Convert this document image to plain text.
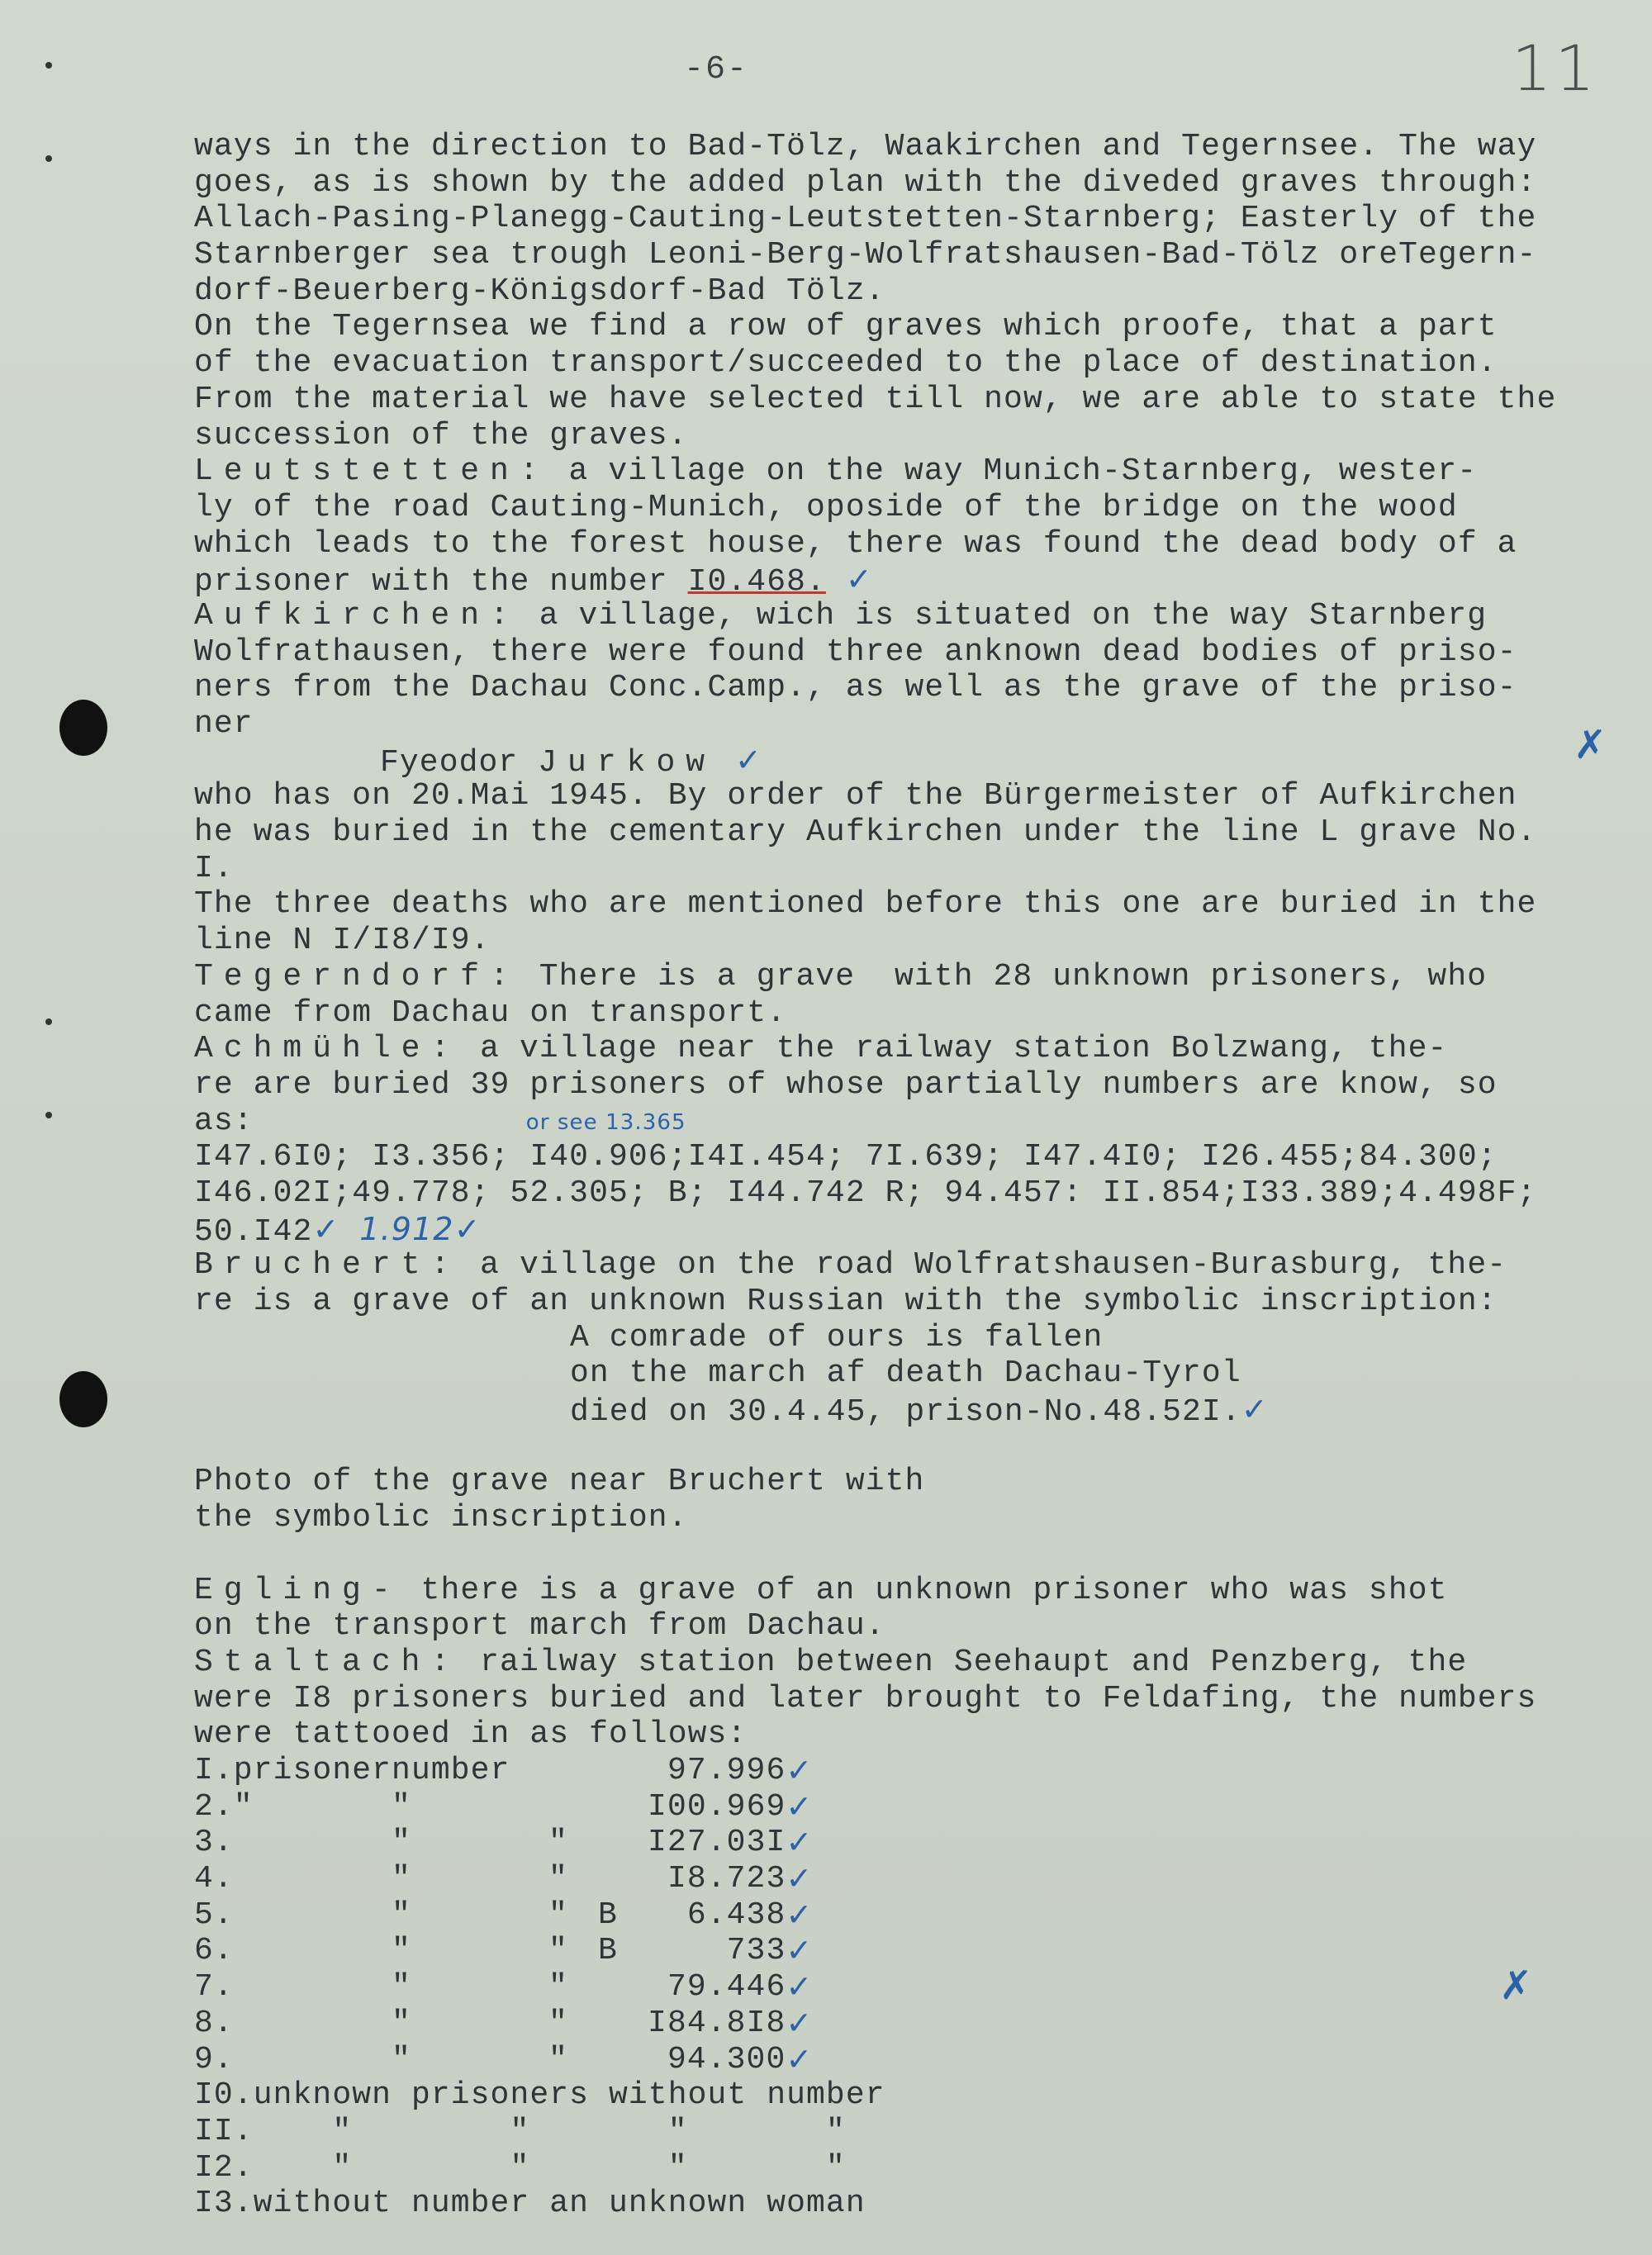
-6-	11
✗
✗
ways in the direction to Bad-Tölz, Waakirchen and Tegernsee. The way
goes, as is shown by the added plan with the diveded graves through:
Allach-Pasing-Planegg-Cauting-Leutstetten-Starnberg; Easterly of the
Starnberger sea trough Leoni-Berg-Wolfratshausen-Bad-Tölz oreTegern-
dorf-Beuerberg-Königsdorf-Bad Tölz.
On the Tegernsea we find a row of graves which proofe, that a part
of the evacuation transport/succeeded to the place of destination.
From the material we have selected till now, we are able to state the
succession of the graves.
Leutstetten: a village on the way Munich-Starnberg, wester-
ly of the road Cauting-Munich, oposide of the bridge on the wood
which leads to the forest house, there was found the dead body of a
prisoner with the number I0.468. ✓
Aufkirchen: a village, wich is situated on the way Starnberg
Wolfrathausen, there were found three anknown dead bodies of priso-
ners from the Dachau Conc.Camp., as well as the grave of the priso-
ner
Fyeodor Jurkow ✓
who has on 20.Mai 1945. By order of the Bürgermeister of Aufkirchen
he was buried in the cementary Aufkirchen under the line L grave No.
I.
The three deaths who are mentioned before this one are buried in the
line N I/I8/I9.
Tegerndorf: There is a grave  with 28 unknown prisoners, who
came from Dachau on transport.
Achmühle: a village near the railway station Bolzwang, the-
re are buried 39 prisoners of whose partially numbers are know, so
as:	or see 13.365
I47.6I0; I3.356; I40.906;I4I.454; 7I.639; I47.4I0; I26.455;84.300;
I46.02I;49.778; 52.305; B; I44.742 R; 94.457: II.854;I33.389;4.498F;
50.I42✓ 1.912✓
Bruchert: a village on the road Wolfratshausen-Burasburg, the-
re is a grave of an unknown Russian with the symbolic inscription:
A comrade of ours is fallen
on the march af death Dachau-Tyrol
died on 30.4.45, prison-No.48.52I.✓
Photo of the grave near Bruchert with
the symbolic inscription.
Egling- there is a grave of an unknown prisoner who was shot
on the transport march from Dachau.
Staltach: railway station between Seehaupt and Penzberg, the
were I8 prisoners buried and later brought to Feldafing, the numbers
were tattooed in as follows:
I.prisoner	number			97.996	✓
2."	"			I00.969	✓
3.	"	"		I27.03I	✓
4.	"	"		I8.723	✓
5.	"	"	B	6.438	✓
6.	"	"	B	733	✓
7.	"	"		79.446	✓
8.	"	"		I84.8I8	✓
9.	"	"		94.300	✓
I0.unknown prisoners without number
II.    "        "       "       "
I2.    "        "       "       "
I3.without number an unknown woman
